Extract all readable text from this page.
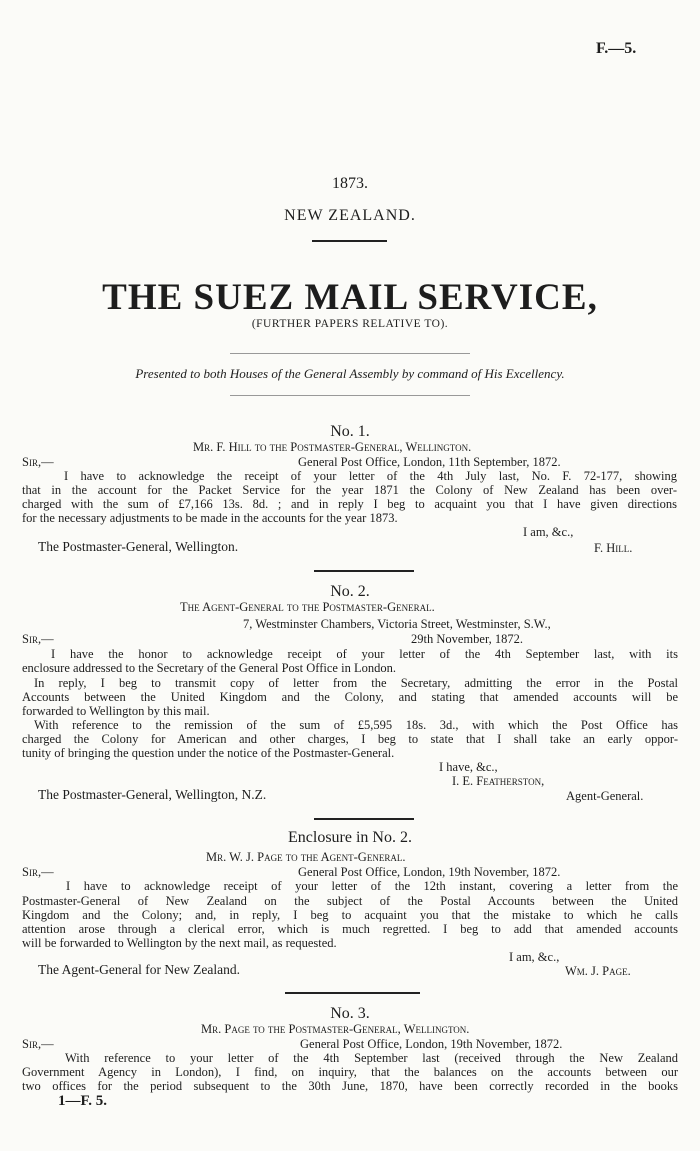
F.—5.
1873.
NEW ZEALAND.
THE SUEZ MAIL SERVICE,
(FURTHER PAPERS RELATIVE TO).
Presented to both Houses of the General Assembly by command of His Excellency.
No. 1.
Mr. F. Hill to the Postmaster-General, Wellington.
Sir,—	General Post Office, London, 11th September, 1872.
I have to acknowledge the receipt of your letter of the 4th July last, No. F. 72-177, showing
that in the account for the Packet Service for the year 1871 the Colony of New Zealand has been over-
charged with the sum of £7,166 13s. 8d. ; and in reply I beg to acquaint you that I have given directions
for the necessary adjustments to be made in the accounts for the year 1873.
I am, &c.,
The Postmaster-General, Wellington.	F. Hill.
No. 2.
The Agent-General to the Postmaster-General.
7, Westminster Chambers, Victoria Street, Westminster, S.W.,
Sir,—	29th November, 1872.
I have the honor to acknowledge receipt of your letter of the 4th September last, with its
enclosure addressed to the Secretary of the General Post Office in London.
In reply, I beg to transmit copy of letter from the Secretary, admitting the error in the Postal
Accounts between the United Kingdom and the Colony, and stating that amended accounts will be
forwarded to Wellington by this mail.
With reference to the remission of the sum of £5,595 18s. 3d., with which the Post Office has
charged the Colony for American and other charges, I beg to state that I shall take an early oppor-
tunity of bringing the question under the notice of the Postmaster-General.
I have, &c.,
I. E. Featherston,
The Postmaster-General, Wellington, N.Z.	Agent-General.
Enclosure in No. 2.
Mr. W. J. Page to the Agent-General.
Sir,—	General Post Office, London, 19th November, 1872.
I have to acknowledge receipt of your letter of the 12th instant, covering a letter from the
Postmaster-General of New Zealand on the subject of the Postal Accounts between the United
Kingdom and the Colony; and, in reply, I beg to acquaint you that the mistake to which he calls
attention arose through a clerical error, which is much regretted. I beg to add that amended accounts
will be forwarded to Wellington by the next mail, as requested.
I am, &c.,
The Agent-General for New Zealand.	Wm. J. Page.
No. 3.
Mr. Page to the Postmaster-General, Wellington.
Sir,—	General Post Office, London, 19th November, 1872.
With reference to your letter of the 4th September last (received through the New Zealand
Government Agency in London), I find, on inquiry, that the balances on the accounts between our
two offices for the period subsequent to the 30th June, 1870, have been correctly recorded in the books
1—F. 5.
